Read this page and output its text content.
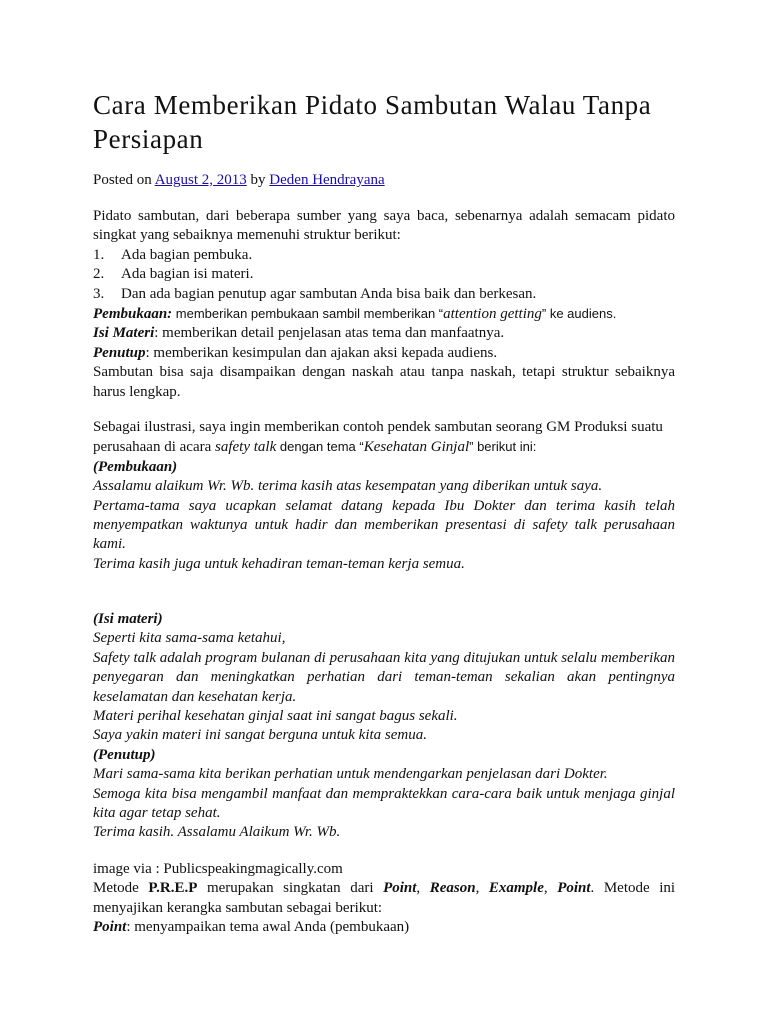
Cara Memberikan Pidato Sambutan Walau Tanpa Persiapan
Posted on August 2, 2013 by Deden Hendrayana

Pidato sambutan, dari beberapa sumber yang saya baca, sebenarnya adalah semacam pidato singkat yang sebaiknya memenuhi struktur berikut:

1.	Ada bagian pembuka.
2.	Ada bagian isi materi.
3.	Dan ada bagian penutup agar sambutan Anda bisa baik dan berkesan.

Pembukaan: memberikan pembukaan sambil memberikan “attention getting” ke audiens.

Isi Materi: memberikan detail penjelasan atas tema dan manfaatnya.

Penutup: memberikan kesimpulan dan ajakan aksi kepada audiens.

Sambutan bisa saja disampaikan dengan naskah atau tanpa naskah, tetapi struktur sebaiknya harus lengkap.

Sebagai ilustrasi, saya ingin memberikan contoh pendek sambutan seorang GM Produksi suatu perusahaan di acara safety talk dengan tema “Kesehatan Ginjal” berikut ini:

(Pembukaan)

Assalamu alaikum Wr. Wb. terima kasih atas kesempatan yang diberikan untuk saya.

Pertama-tama saya ucapkan selamat datang kepada Ibu Dokter dan terima kasih telah menyempatkan waktunya untuk hadir dan memberikan presentasi di safety talk perusahaan kami.

Terima kasih juga untuk kehadiran teman-teman kerja semua.

(Isi materi)

Seperti kita sama-sama ketahui,

Safety talk adalah program bulanan di perusahaan kita yang ditujukan untuk selalu memberikan penyegaran dan meningkatkan perhatian dari teman-teman sekalian akan pentingnya keselamatan dan kesehatan kerja.

Materi perihal kesehatan ginjal saat ini sangat bagus sekali.

Saya yakin materi ini sangat berguna untuk kita semua.

(Penutup)

Mari sama-sama kita berikan perhatian untuk mendengarkan penjelasan dari Dokter.

Semoga kita bisa mengambil manfaat dan mempraktekkan cara-cara baik untuk menjaga ginjal kita agar tetap sehat.

Terima kasih. Assalamu Alaikum Wr. Wb.

image via : Publicspeakingmagically.com

Metode P.R.E.P merupakan singkatan dari Point, Reason, Example, Point. Metode ini menyajikan kerangka sambutan sebagai berikut:

Point: menyampaikan tema awal Anda (pembukaan)
